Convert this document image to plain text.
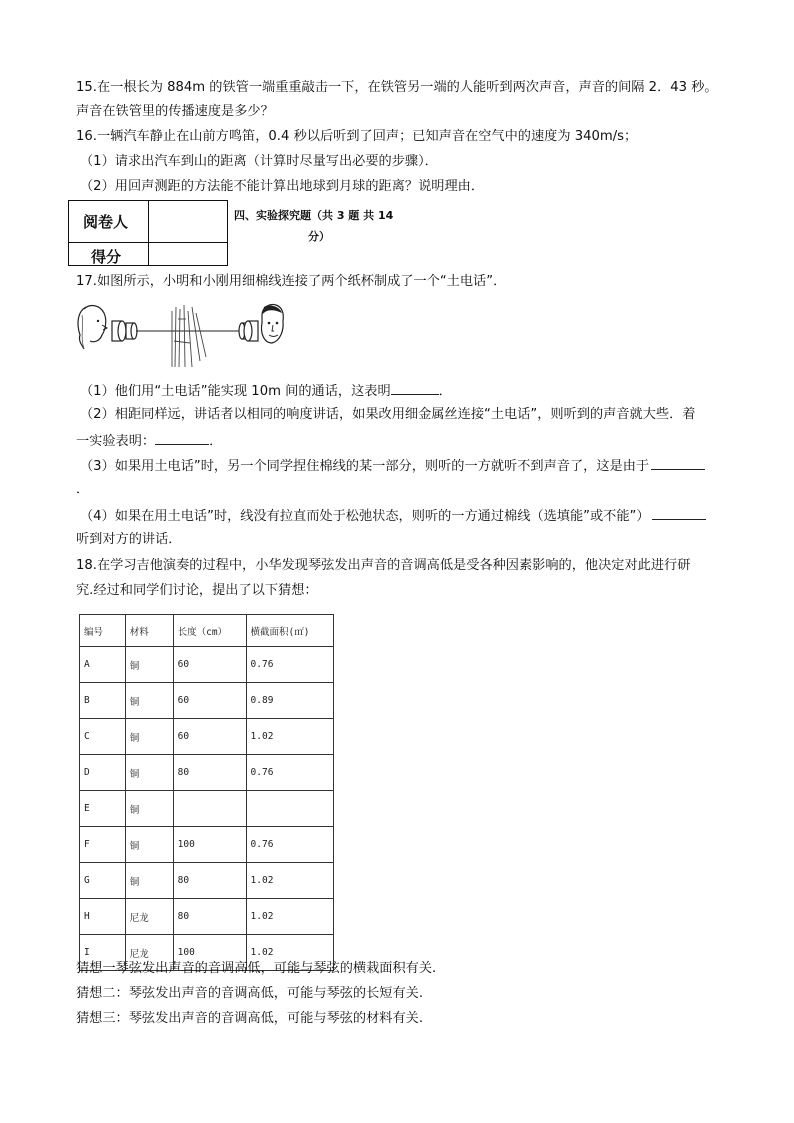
15.在一根长为 884m 的铁管一端重重敲击一下，在铁管另一端的人能听到两次声音，声音的间隔 2．43 秒。
声音在铁管里的传播速度是多少？
16.一辆汽车静止在山前方鸣笛，0.4 秒以后听到了回声；已知声音在空气中的速度为 340m/s；
（1）请求出汽车到山的距离（计算时尽量写出必要的步骤）．
（2）用回声测距的方法能不能计算出地球到月球的距离？说明理由．
阅卷人
得分
四、实验探究题（共 3 题 共 14
分）
17.如图所示，小明和小刚用细棉线连接了两个纸杯制成了一个“土电话”．
（1）他们用“土电话”能实现 10m 间的通话，这表明	．
（2）相距同样远，讲话者以相同的响度讲话，如果改用细金属丝连接“土电话”，则听到的声音就大些．着
一实验表明：	．
（3）如果用土电话”时，另一个同学捏住棉线的某一部分，则听的一方就听不到声音了，这是由于
．
（4）如果在用土电话”时，线没有拉直而处于松弛状态，则听的一方通过棉线（选填能”或不能”）
听到对方的讲话．
18.在学习吉他演奏的过程中，小华发现琴弦发出声音的音调高低是受各种因素影响的，他决定对此进行研
究.经过和同学们讨论，提出了以下猜想：
编号	材料	长度（cm）	横截面积(㎡)
A	铜	60	0.76
B	铜	60	0.89
C	铜	60	1.02
D	铜	80	0.76
E	铜		
F	铜	100	0.76
G	铜	80	1.02
H	尼龙	80	1.02
I	尼龙	100	1.02
猜想一琴弦发出声音的音调高低，可能与琴弦的横栽面积有关.
猜想二：琴弦发出声音的音调高低，可能与琴弦的长短有关.
猜想三：琴弦发出声音的音调高低，可能与琴弦的材料有关.
